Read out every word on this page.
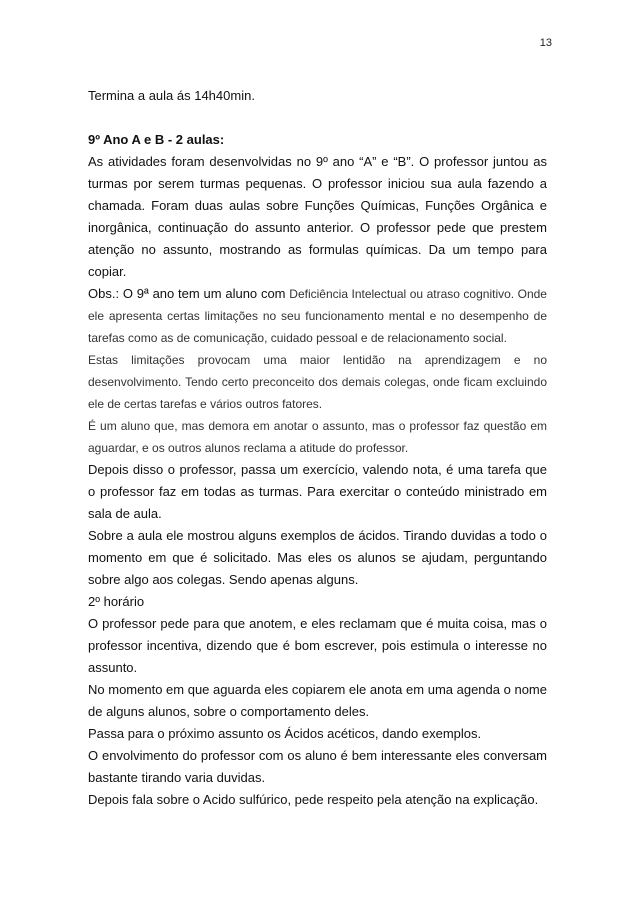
13

Termina a aula ás 14h40min.

9º Ano A e B - 2 aulas:

As atividades foram desenvolvidas no 9º ano “A” e “B”. O professor juntou as turmas por serem turmas pequenas. O professor iniciou sua aula fazendo a chamada. Foram duas aulas sobre Funções Químicas, Funções Orgânica e inorgânica, continuação do assunto anterior. O professor pede que prestem atenção no assunto, mostrando as formulas químicas. Da um tempo para copiar.

Obs.: O 9ª ano tem um aluno com Deficiência Intelectual ou atraso cognitivo. Onde ele apresenta certas limitações no seu funcionamento mental e no desempenho de tarefas como as de comunicação, cuidado pessoal e de relacionamento social.

Estas limitações provocam uma maior lentidão na aprendizagem e no desenvolvimento. Tendo certo preconceito dos demais colegas, onde ficam excluindo ele de certas tarefas e vários outros fatores.

É um aluno que, mas demora em anotar o assunto, mas o professor faz questão em aguardar, e os outros alunos reclama a atitude do professor.

Depois disso o professor, passa um exercício, valendo nota, é uma tarefa que o professor faz em todas as turmas. Para exercitar o conteúdo ministrado em sala de aula.

Sobre a aula ele mostrou alguns exemplos de ácidos. Tirando duvidas a todo o momento em que é solicitado. Mas eles os alunos se ajudam, perguntando sobre algo aos colegas. Sendo apenas alguns.

2º horário

O professor pede para que anotem, e eles reclamam que é muita coisa, mas o professor incentiva, dizendo que é bom escrever, pois estimula o interesse no assunto.

No momento em que aguarda eles copiarem ele anota em uma agenda o nome de alguns alunos, sobre o comportamento deles.

Passa para o próximo assunto os Ácidos acéticos, dando exemplos.

O envolvimento do professor com os aluno é bem interessante eles conversam bastante tirando varia duvidas.

Depois fala sobre o Acido sulfúrico, pede respeito pela atenção na explicação.
